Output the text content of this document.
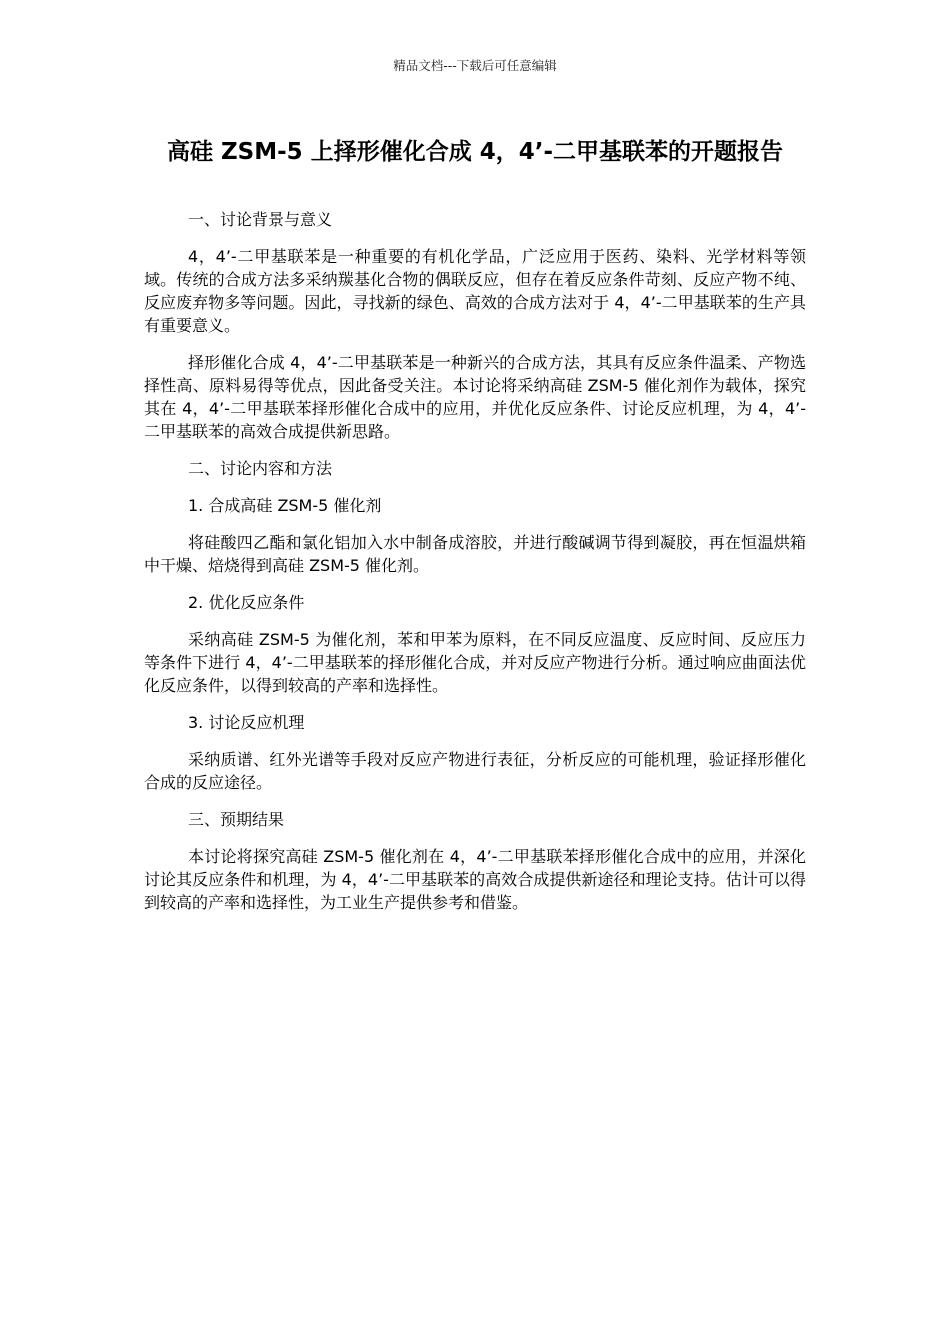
精品文档---下载后可任意编辑
高硅 ZSM-5 上择形催化合成 4，4’-二甲基联苯的开题报告

一、讨论背景与意义

4，4’-二甲基联苯是一种重要的有机化学品，广泛应用于医药、染料、光学材料等领域。传统的合成方法多采纳羰基化合物的偶联反应，但存在着反应条件苛刻、反应产物不纯、反应废弃物多等问题。因此，寻找新的绿色、高效的合成方法对于 4，4’-二甲基联苯的生产具有重要意义。

择形催化合成 4，4’-二甲基联苯是一种新兴的合成方法，其具有反应条件温柔、产物选择性高、原料易得等优点，因此备受关注。本讨论将采纳高硅 ZSM-5 催化剂作为载体，探究其在 4，4’-二甲基联苯择形催化合成中的应用，并优化反应条件、讨论反应机理，为 4，4’-二甲基联苯的高效合成提供新思路。

二、讨论内容和方法

1. 合成高硅 ZSM-5 催化剂

将硅酸四乙酯和氯化铝加入水中制备成溶胶，并进行酸碱调节得到凝胶，再在恒温烘箱中干燥、焙烧得到高硅 ZSM-5 催化剂。

2. 优化反应条件

采纳高硅 ZSM-5 为催化剂，苯和甲苯为原料，在不同反应温度、反应时间、反应压力等条件下进行 4，4’-二甲基联苯的择形催化合成，并对反应产物进行分析。通过响应曲面法优化反应条件，以得到较高的产率和选择性。

3. 讨论反应机理

采纳质谱、红外光谱等手段对反应产物进行表征，分析反应的可能机理，验证择形催化合成的反应途径。

三、预期结果

本讨论将探究高硅 ZSM-5 催化剂在 4，4’-二甲基联苯择形催化合成中的应用，并深化讨论其反应条件和机理，为 4，4’-二甲基联苯的高效合成提供新途径和理论支持。估计可以得到较高的产率和选择性，为工业生产提供参考和借鉴。
